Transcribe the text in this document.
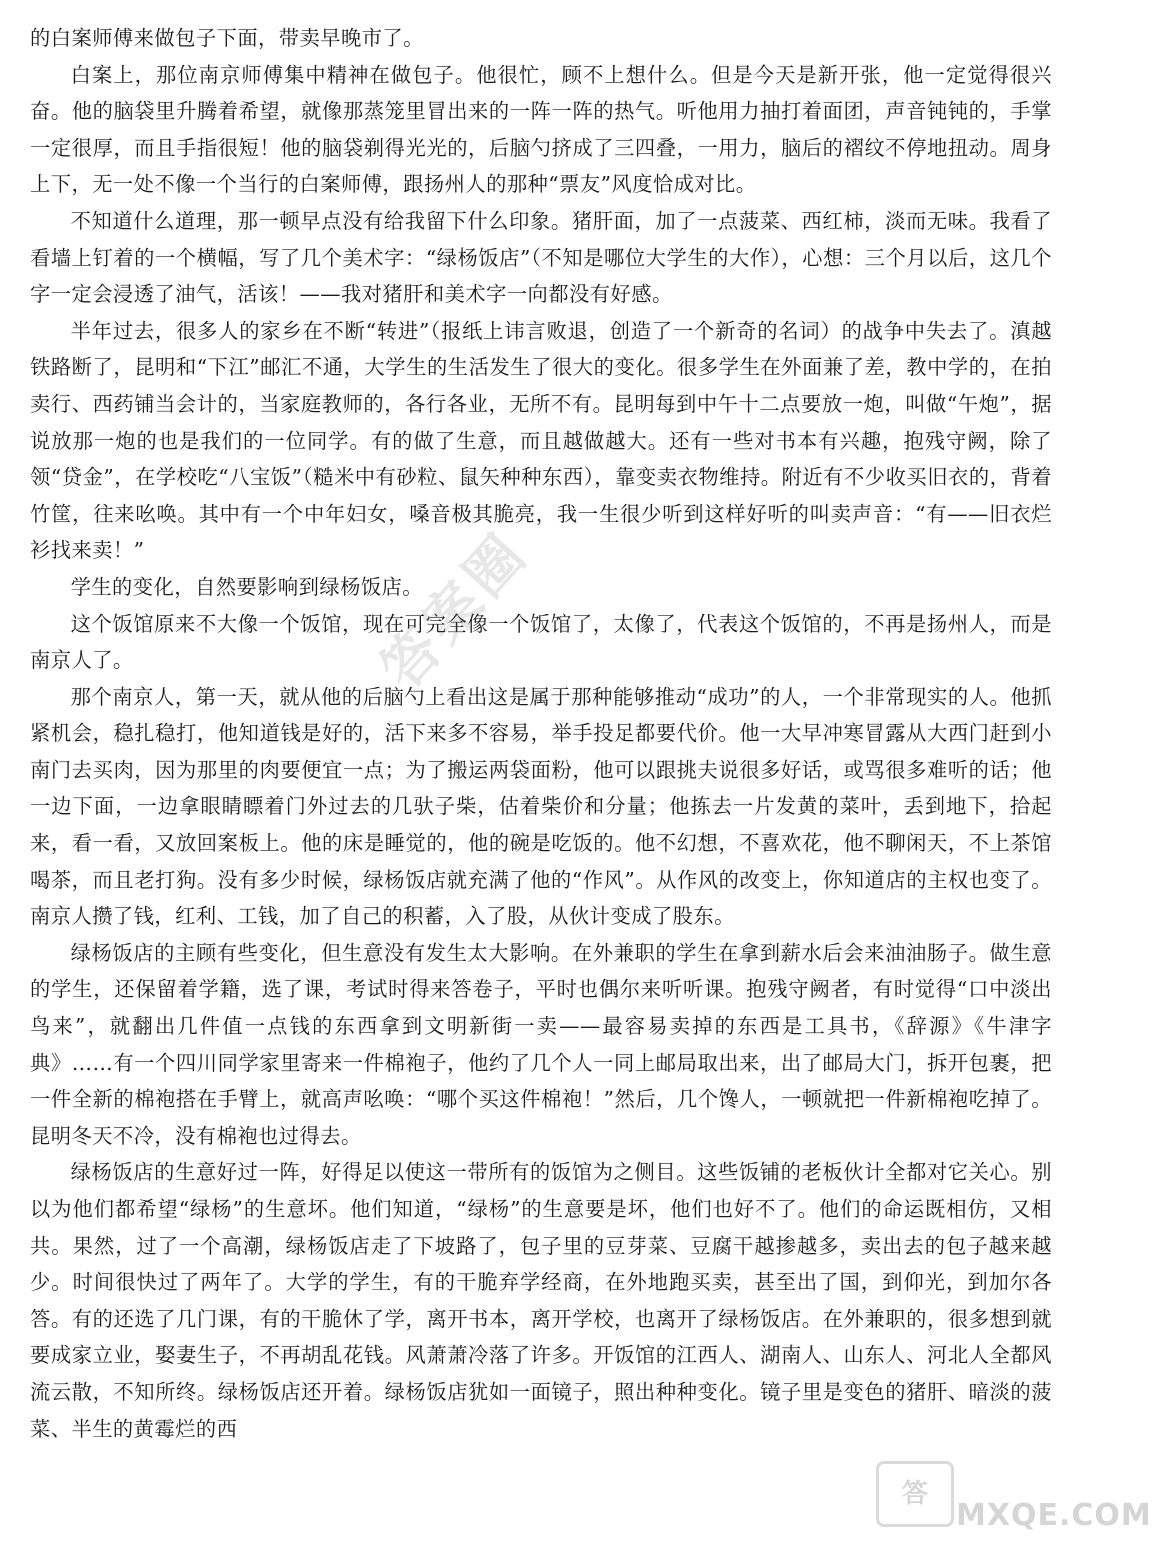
的白案师傅来做包子下面，带卖早晚市了。

白案上，那位南京师傅集中精神在做包子。他很忙，顾不上想什么。但是今天是新开张，他一定觉得很兴奋。他的脑袋里升腾着希望，就像那蒸笼里冒出来的一阵一阵的热气。听他用力抽打着面团，声音钝钝的，手掌一定很厚，而且手指很短！他的脑袋剃得光光的，后脑勺挤成了三四叠，一用力，脑后的褶纹不停地扭动。周身上下，无一处不像一个当行的白案师傅，跟扬州人的那种“票友”风度恰成对比。

不知道什么道理，那一顿早点没有给我留下什么印象。猪肝面，加了一点菠菜、西红柿，淡而无味。我看了看墙上钉着的一个横幅，写了几个美术字：“绿杨饭店”（不知是哪位大学生的大作），心想：三个月以后，这几个字一定会浸透了油气，活该！——我对猪肝和美术字一向都没有好感。

半年过去，很多人的家乡在不断“转进”（报纸上讳言败退，创造了一个新奇的名词）的战争中失去了。滇越铁路断了，昆明和“下江”邮汇不通，大学生的生活发生了很大的变化。很多学生在外面兼了差，教中学的，在拍卖行、西药铺当会计的，当家庭教师的，各行各业，无所不有。昆明每到中午十二点要放一炮，叫做“午炮”，据说放那一炮的也是我们的一位同学。有的做了生意，而且越做越大。还有一些对书本有兴趣，抱残守阙，除了领“贷金”，在学校吃“八宝饭”（糙米中有砂粒、鼠矢种种东西），靠变卖衣物维持。附近有不少收买旧衣的，背着竹筐，往来吆唤。其中有一个中年妇女，嗓音极其脆亮，我一生很少听到这样好听的叫卖声音：“有——旧衣烂衫找来卖！”

学生的变化，自然要影响到绿杨饭店。

这个饭馆原来不大像一个饭馆，现在可完全像一个饭馆了，太像了，代表这个饭馆的，不再是扬州人，而是南京人了。

那个南京人，第一天，就从他的后脑勺上看出这是属于那种能够推动“成功”的人，一个非常现实的人。他抓紧机会，稳扎稳打，他知道钱是好的，活下来多不容易，举手投足都要代价。他一大早冲寒冒露从大西门赶到小南门去买肉，因为那里的肉要便宜一点；为了搬运两袋面粉，他可以跟挑夫说很多好话，或骂很多难听的话；他一边下面，一边拿眼睛瞟着门外过去的几驮子柴，估着柴价和分量；他拣去一片发黄的菜叶，丢到地下，拾起来，看一看，又放回案板上。他的床是睡觉的，他的碗是吃饭的。他不幻想，不喜欢花，他不聊闲天，不上茶馆喝茶，而且老打狗。没有多少时候，绿杨饭店就充满了他的“作风”。从作风的改变上，你知道店的主权也变了。南京人攒了钱，红利、工钱，加了自己的积蓄，入了股，从伙计变成了股东。

绿杨饭店的主顾有些变化，但生意没有发生太大影响。在外兼职的学生在拿到薪水后会来油油肠子。做生意的学生，还保留着学籍，选了课，考试时得来答卷子，平时也偶尔来听听课。抱残守阙者，有时觉得“口中淡出鸟来”，就翻出几件值一点钱的东西拿到文明新街一卖——最容易卖掉的东西是工具书，《辞源》《牛津字典》……有一个四川同学家里寄来一件棉袍子，他约了几个人一同上邮局取出来，出了邮局大门，拆开包裹，把一件全新的棉袍搭在手臂上，就高声吆唤：“哪个买这件棉袍！”然后，几个馋人，一顿就把一件新棉袍吃掉了。昆明冬天不冷，没有棉袍也过得去。

绿杨饭店的生意好过一阵，好得足以使这一带所有的饭馆为之侧目。这些饭铺的老板伙计全都对它关心。别以为他们都希望“绿杨”的生意坏。他们知道，“绿杨”的生意要是坏，他们也好不了。他们的命运既相仿，又相共。果然，过了一个高潮，绿杨饭店走了下坡路了，包子里的豆芽菜、豆腐干越掺越多，卖出去的包子越来越少。时间很快过了两年了。大学的学生，有的干脆弃学经商，在外地跑买卖，甚至出了国，到仰光，到加尔各答。有的还选了几门课，有的干脆休了学，离开书本，离开学校，也离开了绿杨饭店。在外兼职的，很多想到就要成家立业，娶妻生子，不再胡乱花钱。风萧萧冷落了许多。开饭馆的江西人、湖南人、山东人、河北人全都风流云散，不知所终。绿杨饭店还开着。绿杨饭店犹如一面镜子，照出种种变化。镜子里是变色的猪肝、暗淡的菠菜、半生的黄霉烂的西

答案圈
答
MXQE.COM
